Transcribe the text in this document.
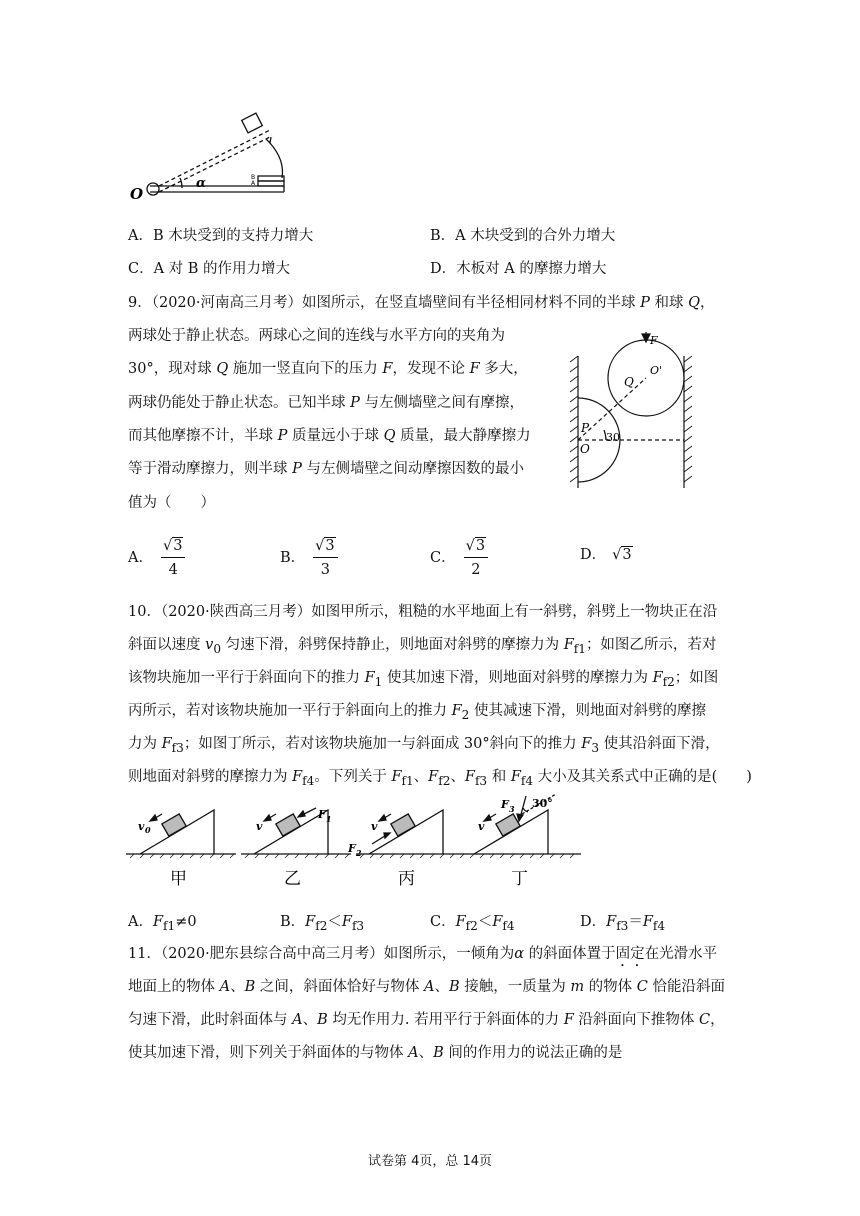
O
α	B
A
A．B 木块受到的支持力增大	B．A 木块受到的合外力增大
C．A 对 B 的作用力增大	D．木板对 A 的摩擦力增大
9．（2020·河南高三月考）如图所示，在竖直墙壁间有半径相同材料不同的半球 P 和球 Q，
两球处于静止状态。两球心之间的连线与水平方向的夹角为
30°，现对球 Q 施加一竖直向下的压力 F，发现不论 F 多大，
两球仍能处于静止状态。已知半球 P 与左侧墙壁之间有摩擦，
而其他摩擦不计，半球 P 质量远小于球 Q 质量，最大静摩擦力
等于滑动摩擦力，则半球 P 与左侧墙壁之间动摩擦因数的最小
值为（　　）
F
Q
O'
P
30
O
A． $\frac{√3}{4}$	B． $\frac{√3}{3}$	C． $\frac{√3}{2}$	D． √3
10．（2020·陕西高三月考）如图甲所示，粗糙的水平地面上有一斜劈，斜劈上一物块正在沿
斜面以速度 $v_0$ 匀速下滑，斜劈保持静止，则地面对斜劈的摩擦力为 $F_{f1}$；如图乙所示，若对
该物块施加一平行于斜面向下的推力 $F_1$ 使其加速下滑，则地面对斜劈的摩擦力为 $F_{f2}$；如图
丙所示，若对该物块施加一平行于斜面向上的推力 $F_2$ 使其减速下滑，则地面对斜劈的摩擦
力为 $F_{f3}$；如图丁所示，若对该物块施加一与斜面成 30°斜向下的推力 $F_3$ 使其沿斜面下滑，
则地面对斜劈的摩擦力为 $F_{f4}$。下列关于 $F_{f1}$、$F_{f2}$、$F_{f3}$ 和 $F_{f4}$ 大小及其关系式中正确的是(　　)
v 0	v
F 1
v
F 2
v
F 3 30°
甲	乙	丙	丁
A．$F_{f1}\ne 0$	B．$F_{f2}<F_{f3}$	C．$F_{f2}<F_{f4}$	D．$F_{f3}=F_{f4}$
11．（2020·肥东县综合高中高三月考）如图所示，一倾角为α 的斜面体置于固定在光滑水平
地面上的物体 A、B 之间，斜面体恰好与物体 A、B 接触，一质量为 m 的物体 C 恰能沿斜面
匀速下滑，此时斜面体与 A、B 均无作用力. 若用平行于斜面体的力 F 沿斜面向下推物体 C，
使其加速下滑，则下列关于斜面体的与物体 A、B 间的作用力的说法正确的是
试卷第 4页，总 14页
